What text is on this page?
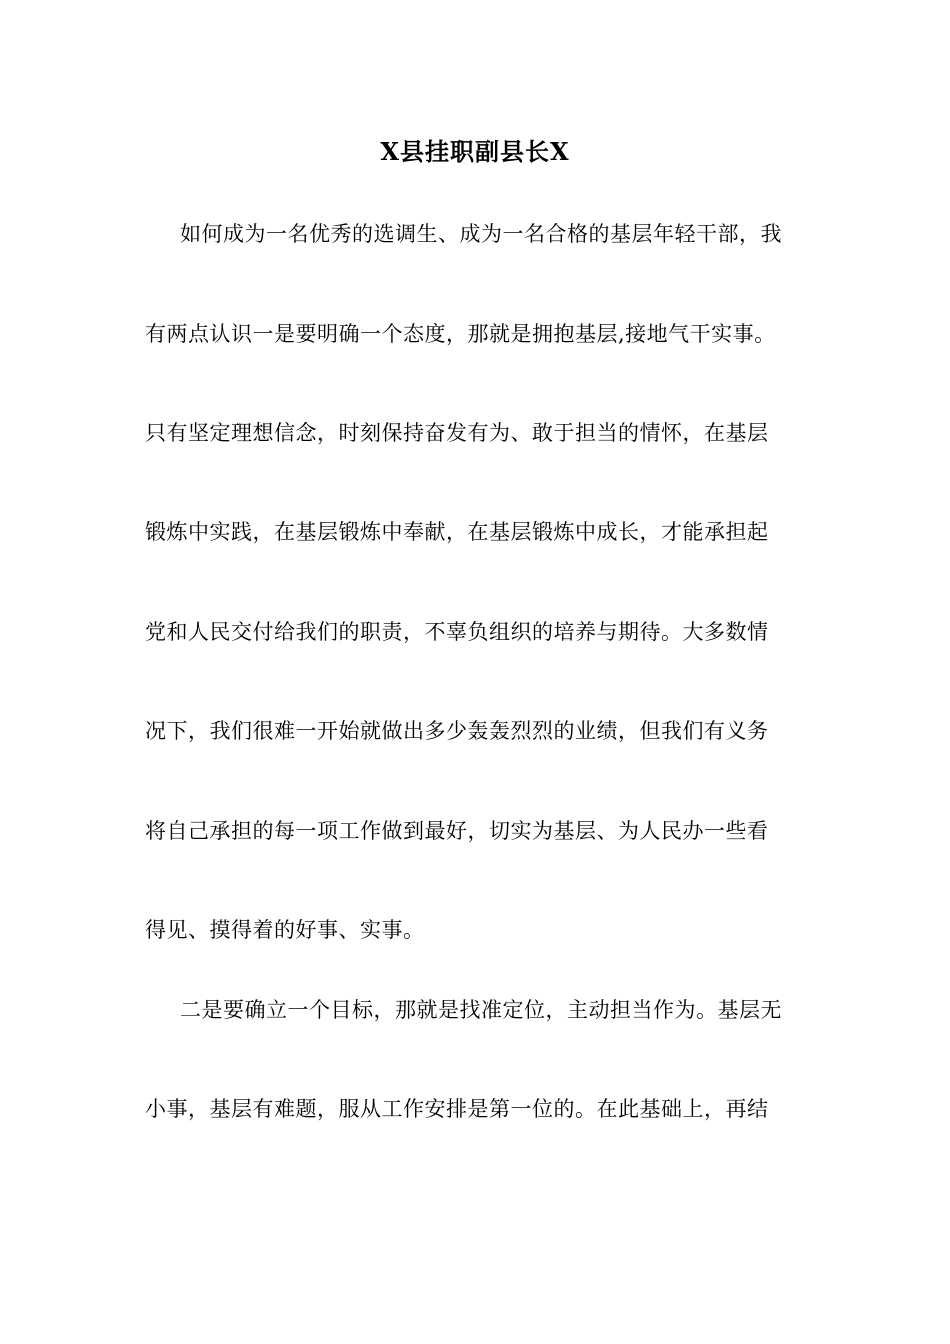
X县挂职副县长X
如何成为一名优秀的选调生、成为一名合格的基层年轻干部，我
有两点认识一是要明确一个态度，那就是拥抱基层,接地气干实事。
只有坚定理想信念，时刻保持奋发有为、敢于担当的情怀，在基层
锻炼中实践，在基层锻炼中奉献，在基层锻炼中成长，才能承担起
党和人民交付给我们的职责，不辜负组织的培养与期待。大多数情
况下，我们很难一开始就做出多少轰轰烈烈的业绩，但我们有义务
将自己承担的每一项工作做到最好，切实为基层、为人民办一些看
得见、摸得着的好事、实事。
二是要确立一个目标，那就是找准定位，主动担当作为。基层无
小事，基层有难题，服从工作安排是第一位的。在此基础上，再结
